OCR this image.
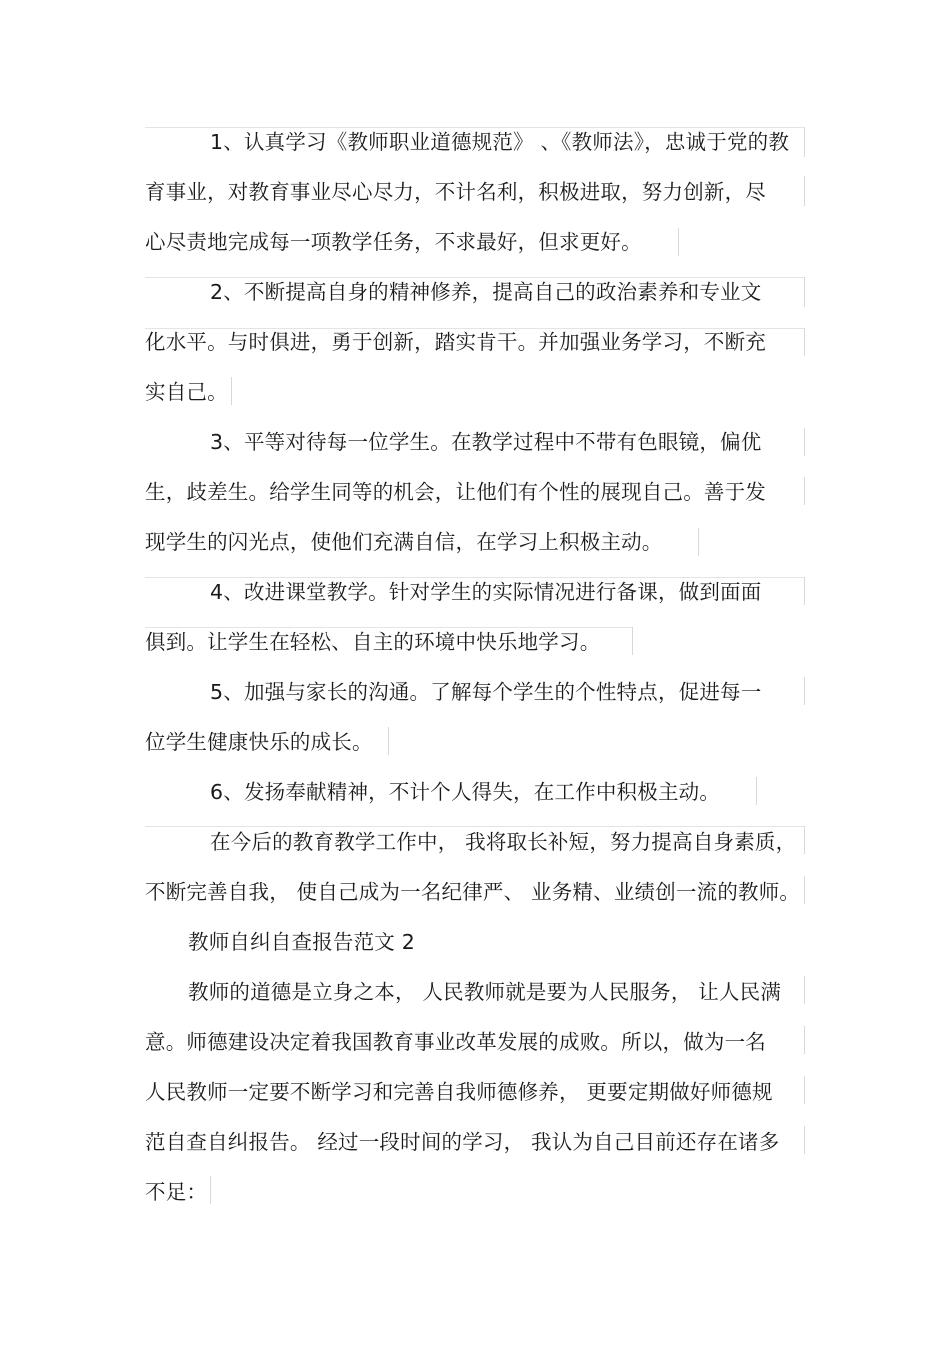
1、认真学习《教师职业道德规范》 、《教师法》，忠诚于党的教
育事业，对教育事业尽心尽力，不计名利，积极进取，努力创新，尽
心尽责地完成每一项教学任务，不求最好，但求更好。
2、不断提高自身的精神修养，提高自己的政治素养和专业文
化水平。与时俱进，勇于创新，踏实肯干。并加强业务学习，不断充
实自己。
3、平等对待每一位学生。在教学过程中不带有色眼镜，偏优
生，歧差生。给学生同等的机会，让他们有个性的展现自己。善于发
现学生的闪光点，使他们充满自信，在学习上积极主动。
4、改进课堂教学。针对学生的实际情况进行备课，做到面面
俱到。让学生在轻松、自主的环境中快乐地学习。
5、加强与家长的沟通。了解每个学生的个性特点，促进每一
位学生健康快乐的成长。
6、发扬奉献精神，不计个人得失，在工作中积极主动。
在今后的教育教学工作中， 我将取长补短，努力提高自身素质，
不断完善自我， 使自己成为一名纪律严、 业务精、业绩创一流的教师。
教师自纠自查报告范文 2
教师的道德是立身之本， 人民教师就是要为人民服务， 让人民满
意。师德建设决定着我国教育事业改革发展的成败。所以，做为一名
人民教师一定要不断学习和完善自我师德修养， 更要定期做好师德规
范自查自纠报告。 经过一段时间的学习， 我认为自己目前还存在诸多
不足：
